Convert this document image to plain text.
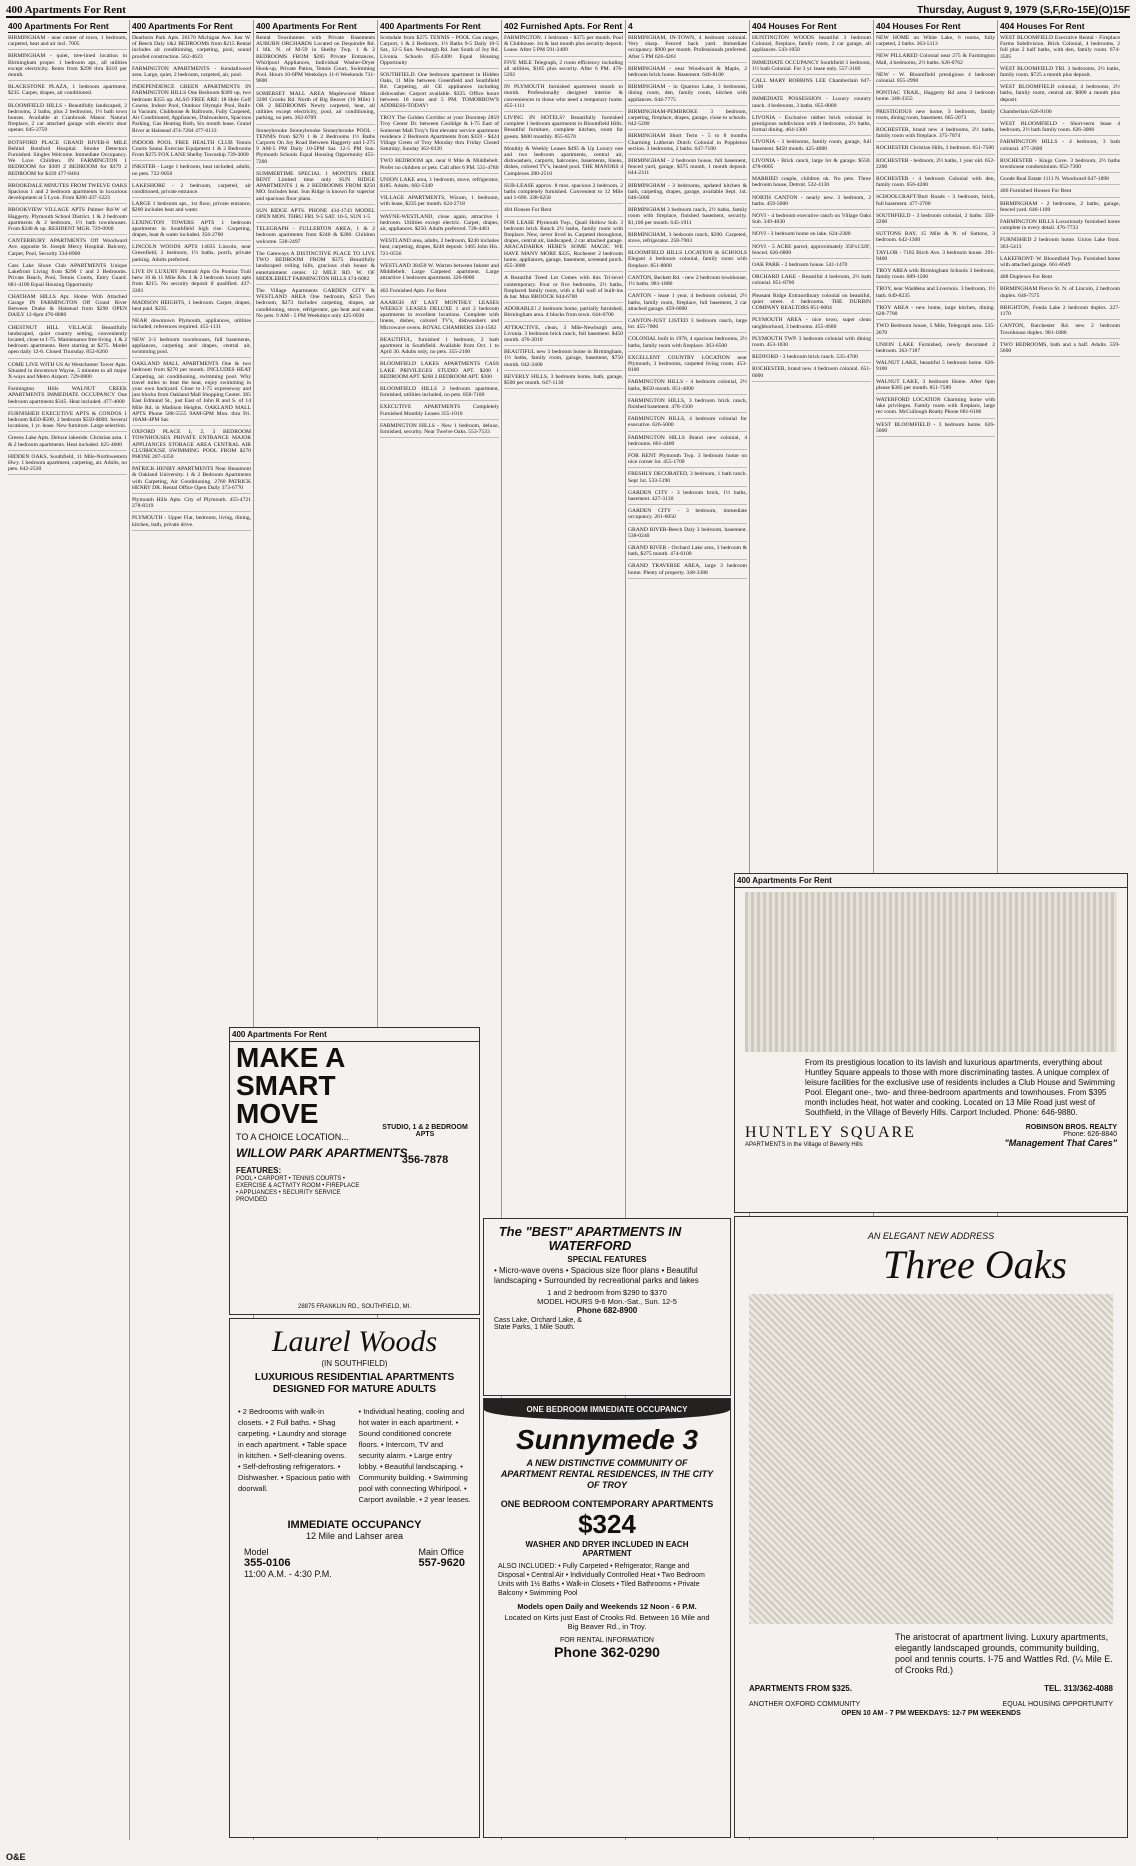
400 Apartments For Rent	Thursday, August 9, 1979 (S,F,Ro-15E)(O)15F
400 Apartments For Rent
BIRMINGHAM - near center of town, 1 bedroom, carpeted, heat and air incl. 7005
BIRMINGHAM - quiet, tree-lined location in Birmingham proper. 1 bedroom apt., all utilities except electricity. Rents from $290 thru $310 per month.
BLACKSTONE PLAZA, 1 bedroom apartment, $235. Carpet, drapes, air conditioned.
BLOOMFIELD HILLS - Beautifully landscaped, 2 bedrooms, 2 baths, plus 2 bedrooms, 1½ bath town houses. Available at Cranbrook Manor. Natural fireplace, 2 car attached garage with electric door opener. 645-2759
BOTSFORD PLACE GRAND RIVER-8 MILE Behind Botsford Hospital. Smoke Detectors Furnished. Singles Welcome. Immediate Occupancy. We Love Children. IN FARMINGTON 1 BEDROOM for $309 2 BEDROOM for $379 2 BEDROOM for $439 477-8464
BROOKDALE MINUTES FROM TWELVE OAKS Spacious 1 and 2 bedroom apartments in luxurious development at 5 Lyon. From $260 437-1223
BROOKVIEW VILLAGE APTS Palmer Rd-W of Haggerty. Plymouth School District. 1 & 2 bedroom apartments & 2 bedroom, 1½ bath townhouses. From $248 & up. RESIDENT MGR. 729-0900
CANTERBURY APARTMENTS Off Woodward Ave. opposite St. Joseph Mercy Hospital. Balcony, Carpet, Pool, Security 334-8900
Cass Lake Shore Club APARTMENTS Unique Lakefront Living from $290 1 and 2 Bedrooms. Private Beach, Pool, Tennis Courts, Entry Guard. 681-4100 Equal Housing Opportunity
CHATHAM HILLS Apt. Home With Attached Garage IN FARMINGTON Off Grand River Between Drake & Halstead from $290 OPEN DAILY 12-6pm 476-8080
CHESTNUT HILL VILLAGE Beautifully landscaped, quiet country setting, conveniently located, close to I-75. Maintenance free living. 1 & 2 bedroom apartments. Rent starting at $275. Model open daily 12-6. Closed Thursday. 852-6260
COME LIVE WITH US At Westchester Tower Apts. Situated in downtown Wayne, 5 minutes to all major X-ways and Metro Airport. 729-0800
Farmington Hills WALNUT CREEK APARTMENTS IMMEDIATE OCCUPANCY One bedroom apartments $345. Heat included. 477-4000
FURNISHED EXECUTIVE APTS & CONDOS 1 bedroom $450-$500, 2 bedroom $550-$600. Several locations, 1 yr. lease. New furniture. Large selection.
Greens Lake Apts. Deluxe lakeside. Christian area. 1 & 2 bedroom apartments. Heat included. 625-4600
HIDDEN OAKS, Southfield, 11 Mile-Northwestern Hwy. 1 bedroom apartment, carpeting, air. Adults, no pets. 642-2530
400 Apartments For Rent
Dearborn Park Apts. 26170 Michigan Ave. Just W. of Beech Daly 1&2 BEDROOMS from $215 Rental includes air conditioning, carpeting, pool, sound proofed construction. 562-4623
FARMINGTON APARTMENTS - Kendallwood area. Large, quiet, 2 bedroom, carpeted, air, pool.
INDEPENDENCE GREEN APARTMENTS IN FARMINGTON HILLS One Bedroom $309 up, two bedroom $355 up. ALSO FREE ARE: 18 Hole Golf Course, Indoor Pool, Outdoor Olympic Pool, Built-in Vacuum, Clubhouse & Ballroom, Fully Carpeted, Air Conditioned, Appliances, Dishwashers, Spacious Parking, Gas Heating Both, Six month lease. Grand River at Halstead 474-7284 477-0133
INDOOR POOL FREE HEALTH CLUB Tennis Courts Sauna Exercise Equipment 1 & 2 Bedrooms From $275 FOX LANE Shelby Township 739-3000
INKSTER - Large 1 bedroom, heat included, adults, no pets. 722-9050
LAKESHORE - 2 bedroom, carpeted, air conditioned, private entrance.
LARGE 1 bedroom apt., 1st floor, private entrance, $260 includes heat and water.
LEXINGTON TOWERS APTS 1 bedroom apartments in Southfield high rise. Carpeting, drapes, heat & water included. 356-2700
LINCOLN WOODS APTS 14035 Lincoln, near Greenfield, 2 bedroom, 1½ baths, porch, private parking. Adults preferred.
LIVE IN LUXURY Pontrail Apts On Pontiac Trail betw 10 & 11 Mile Rds. 1 & 2 bedroom luxury apts from $215. No security deposit if qualified. 437-3303
MADISON HEIGHTS, 1 bedroom. Carpet, drapes, heat paid. $235.
NEAR downtown Plymouth, appliances, utilities included, references required. 455-1131
NEW 2-3 bedroom townhouses, full basements, appliances, carpeting and drapes, central air, swimming pool.
OAKLAND MALL APARTMENTS One & two bedroom from $270 per month. INCLUDES HEAT Carpeting, air conditioning, swimming pool. Why travel miles to beat the heat, enjoy swimming in your own backyard. Close to I-75 expressway and just blocks from Oakland Mall Shopping Center. 365 East Edmund St., just East of John R and S. of 14 Mile Rd, in Madison Heights. OAKLAND MALL APTS Phone 588-5555 9AM-5PM Mon. thru Fri. 10AM-4PM Sat.
OXFORD PLACE 1, 2, 3 BEDROOM TOWNHOUSES PRIVATE ENTRANCE MAJOR APPLIANCES STORAGE AREA CENTRAL AIR CLUBHOUSE SWIMMING POOL FROM $270 PHONE 287-4350
PATRICK HENRY APARTMENTS Near Beaumont & Oakland University. 1 & 2 Bedroom Apartments with Carpeting, Air Conditioning. 2760 PATRICK HENRY DR. Rental Office Open Daily 373-6770
Plymouth Hills Apts. City of Plymouth. 455-4721 278-8319
PLYMOUTH - Upper Flat, bedroom, living, dining, kitchen, bath, private drive.
400 Apartments For Rent
Rental Townhomes with Private Basements AUBURN ORCHARDS Located on Dequindre Rd. 1 blk. N. of M-59 in Shelby Twp. 1 & 2 BEDROOMS FROM $285 Private Entrances, Whirlpool Appliances, Individual Washer-Dryer Hook-up, Private Patios, Tennis Court, Swimming Pool. Hours 10-6PM Weekdays 11-6 Weekends 731-9600
SOMERSET MALL AREA Maplewood Manor 3200 Crooks Rd. North of Big Beaver (16 Mile) 1 OR 2 BEDROOMS Newly carpeted, heat, all utilities except electricity, pool, air conditioning, parking, no pets. 362-0709
Stoneybrooke Stoneybrooke Stoneybrooke POOL - TENNIS from $270 1 & 2 Bedrooms 1½ Baths Carports On Joy Road Between Haggerty and I-275 9 AM-5 PM Daily 10-5PM Sat. 12-5 PM Sun. Plymouth Schools Equal Housing Opportunity 455-7200
SUMMERTIME SPECIAL 1 MONTH'S FREE RENT Limited time only SUN RIDGE APARTMENTS 1 & 2 BEDROOMS FROM $250 MO. Includes heat. Sun Ridge is known for superior and spacious floor plans.
SUN RIDGE APTS. PHONE 434-1743 MODEL OPEN MON. THRU FRI. 9-5 SAT. 10-5, SUN 1-5
TELEGRAPH - FULLERTON AREA, 1 & 2 bedroom apartments from $240 & $280. Children welcome. 538-2497
The Gateways A DISTINCTIVE PLACE TO LIVE TWO BEDROOM FROM $375 Beautifully landscaped rolling hills, gracious club house & entertainment center. 12 MILE RD. W. OF MIDDLEBELT FARMINGTON HILLS 474-6082
The Village Apartments GARDEN CITY & WESTLAND AREA One bedroom, $253 Two bedroom, $273 Includes carpeting, drapes, air conditioning, stove, refrigerator, gas heat and water. No pets. 9 AM - 5 PM Weekdays only 425-0930
400 Apartments For Rent
Scotsdale from $275 TENNIS - POOL Gas ranges, Carport, 1 & 2 Bedroom, 1½ Baths 9-5 Daily 10-5 Sat., 12-5 Sun. Newburgh Rd. Just South of Joy Rd. Livonia Schools 455-4300 Equal Housing Opportunity
SOUTHFIELD. One bedroom apartment in Hidden Oaks, 11 Mile between Greenfield and Southfield Rd. Carpeting, all GE appliances including dishwasher. Carport available. $325. Office hours between 10 noon and 5 PM. TOMORROW'S ADDRESS-TODAY!
TROY The Golden Corridor at your Doorstep 2859 Troy Center Dr. between Coolidge & I-75 East of Somerset Mall Troy's first elevator service apartment residence 2 Bedroom Apartments from $359 - $424 Village Green of Troy Monday thru Friday Closed Saturday, Sunday 362-0320
TWO BEDROOM apt. near 8 Mile & Middlebelt. Prefer no children or pets. Call after 6 PM. 531-4780
UNION LAKE area, 1 bedroom, stove, refrigerator, $185. Adults. 682-5349
VILLAGE APARTMENTS, Wixom, 1 bedroom, with lease, $235 per month. 624-2718
WAYNE-WESTLAND, close again, attractive 1 bedroom. Utilities except electric. Carpet, drapes, air, appliances. $250. Adults preferred. 728-4461
WESTLAND area, adults, 2 bedroom, $240 includes heat, carpeting, drapes, $240 deposit. 1465 John Hix. 721-0556
WESTLAND 38450 W. Warren between Inkster and Middlebelt. Large Carpeted apartment. Large attractive 1 bedroom apartment. 326-8000
402 Furnished Apts. For Rent
AAARGH AT LAST MONTHLY LEASES WEEKLY LEASES DELUXE 1 and 2 bedroom apartments in excellent locations. Complete with linens, dishes, colored TV's, dishwashers and Microwave ovens. ROYAL CHAMBERS 334-1502
BEAUTIFUL, furnished 1 bedroom, 2 bath apartment in Southfield. Available from Oct. 1 to April 30. Adults only, no pets. 355-2100
BLOOMFIELD LAKES APARTMENTS CASS LAKE PRIVILEGES STUDIO APT. $200 1 BEDROOM APT. $260 2 BEDROOM APT. $300
BLOOMFIELD HILLS 2 bedroom apartment, furnished, utilities included, no pets. 858-7100
EXECUTIVE APARTMENTS Completely Furnished Monthly Leases 355-1010
FARMINGTON HILLS - New 1 bedroom, deluxe, furnished, security. Near Twelve Oaks. 553-7533
402 Furnished Apts. For Rent
FARMINGTON. 1 bedroom - $375 per month. Pool & Clubhouse. 1st & last month plus security deposit. Lease. After 5 PM 591-2489
FIVE MILE Telegraph, 2 room efficiency including all utilities, $185 plus security. After 6 PM. 476-5392
IN PLYMOUTH furnished apartment month to month. Professionally designed interior & conveniences to those who need a temporary home. 455-1111
LIVING IN HOTELS? Beautifully furnished complete 1 bedroom apartments in Bloomfield Hills. Beautiful furniture, complete kitchen, room for guests. $600 monthly. 855-6570
Monthly & Weekly Leases $495 & Up Luxury one and two bedroom apartments, central air, dishwashers, carports, balconies, basements, linens, dishes, colored TV's, heated pool. THE MANORS 4 Complexes 280-2510
SUB-LEASE approx. 8 mos. spacious 2 bedroom, 2 baths completely furnished. Convenient to 12 Mile and 1-696. 338-0258
404 Houses For Rent
FOR LEASE Plymouth Twp., Quail Hollow Sub. 3 bedroom brick Ranch 2½ baths, family room with fireplace. New, never lived in. Carpeted throughout, drapes, central air, landscaped, 2 car attached garage. ABACADABRA HERE'S SOME MAGIC WE HAVE MANY MORE $325, Rochester 2 bedroom home, appliances, garage, basement, screened porch. 455-3000
A Beautiful Treed Lot Comes with this Tri-level contemporary. Four or five bedrooms, 2½ baths, fireplaced family room, with a full wall of built-ins & bar. Max BROOCK 644-6700
ADORABLE! 2 bedroom home, partially furnished, Birmingham area. 4 blocks from town. 644-6700
ATTRACTIVE, clean, 3 Mile-Newburgh area, Livonia. 3 bedroom brick ranch, full basement. $450 month. 476-2010
BEAUTIFUL new 3 bedroom home in Birmingham, 1½ baths, family room, garage, basement, $750 month. 642-2400
BEVERLY HILLS, 3 bedroom home, bath, garage, $500 per month. 647-1130
4
BIRMINGHAM, IN-TOWN, 4 bedroom colonial. Very sharp. Fenced back yard. Immediate occupancy. $900 per month. Professionals preferred. After 5 PM 626-4261
BIRMINGHAM - near Woodward & Maple, 2 bedroom brick home. Basement. 646-8100
BIRMINGHAM - in Quarton Lake, 3 bedrooms, dining room, den, family room, kitchen with appliances. 644-7775
BIRMINGHAM-PEMBROKE 3 bedroom, carpeting, fireplace, drapes, garage, close to schools. 642-5200
BIRMINGHAM Short Term - 5 to 8 months Charming Lutheran Dutch Colonial in Poppleton section. 3 bedrooms, 2 baths. 647-7100
BIRMINGHAM - 2 bedroom house, full basement, fenced yard, garage, $375 month, 1 month deposit. 644-2311
BIRMINGHAM - 3 bedrooms, updated kitchen & bath, carpeting, drapes, garage, available Sept. 1st. 646-5000
BIRMINGHAM 3 bedroom ranch, 2½ baths, family room with fireplace, finished basement, security. $1,100 per month. 645-1911
BIRMINGHAM, 3 bedroom ranch, $390. Carpeted, stove, refrigerator. 258-7903
BLOOMFIELD HILLS LOCATION & SCHOOLS Elegant 4 bedroom colonial, family room with fireplace. 851-8000
CANTON, Beckett Rd. - new 2 bedroom townhouse, 1½ baths. 981-1880
CANTON - lease 1 year, 4 bedroom colonial, 2½ baths, family room, fireplace, full basement, 2 car attached garage. 459-6000
CANTON-JUST LISTED 3 bedroom ranch, large lot. 455-7000
COLONIAL built in 1978, 4 spacious bedrooms, 2½ baths, family room with fireplace. 363-6500
EXCELLENT COUNTRY LOCATION near Plymouth, 3 bedrooms, carpeted living room. 453-8100
FARMINGTON HILLS - 4 bedroom colonial, 2½ baths, $650 month. 851-4000
FARMINGTON HILLS, 3 bedroom brick ranch, finished basement. 478-1500
FARMINGTON HILLS, 4 bedroom colonial for executive. 626-5000
FARMINGTON HILLS Brand new colonial, 4 bedrooms. 661-4400
FOR RENT Plymouth Twp. 3 bedroom home on nice corner lot. 455-1700
FRESHLY DECORATED, 3 bedroom, 1 bath ranch. Sept 1st. 533-5190
GARDEN CITY - 3 bedroom brick, 1½ baths, basement. 427-3130
GARDEN CITY - 3 bedroom, immediate occupancy. 261-6050
GRAND RIVER-Beech Daly 3 bedroom, basement. 538-0240
GRAND RIVER - Orchard Lake area, 3 bedroom & bath, $275 month. 474-6100
GRAND TRAVERSE AREA, large 3 bedroom home. Plenty of property. 348-3388
404 Houses For Rent
HUNTINGTON WOODS beautiful 3 bedroom Colonial, fireplace, family room, 2 car garage, all appliances. 543-1050
IMMEDIATE OCCUPANCY Southfield 3 bedroom, 1½ bath Colonial. For 3 yr. lease only. 557-3100
CALL MARY ROBBINS LEE Chamberlain 647-5100
IMMEDIATE POSSESSION - Luxury country ranch. 4 bedrooms, 3 baths. 855-0000
LIVONIA - Exclusive rubber brick colonial in prestigious subdivision with 4 bedrooms, 2½ baths, formal dining. 464-1300
LIVONIA - 3 bedrooms, family room, garage, full basement. $450 month. 425-4000
LIVONIA - Brick ranch, large lot & garage. $550. 478-0005
MARRIED couple, children ok. No pets. Three bedroom house, Detroit. 532-4130
NORTH CANTON - nearly new. 3 bedroom, 2 baths. 459-5000
NOVI - 4 bedroom executive ranch on Village Oaks Sub. 349-4030
NOVI - 3 bedroom home on lake. 624-2300
NOVI - 5 ACRE parcel, approximately 350'x1320', fenced. 626-6800
OAK PARK - 2 bedroom house. 541-1470
ORCHARD LAKE - Beautiful 4 bedroom, 2½ bath colonial. 851-8700
Pleasant Ridge Extraordinary colonial on beautiful, quiet street. 4 bedrooms. THE DURBIN COMPANY REALTORS 851-6004
PLYMOUTH AREA - nice town, super clean neighborhood, 3 bedrooms. 455-4600
PLYMOUTH TWP. 3 bedroom colonial with dining room. 453-1030
REDFORD - 3 bedroom brick ranch. 535-4700
ROCHESTER, brand new 4 bedroom colonial. 651-6000
404 Houses For Rent
NEW HOME on White Lake, 6 rooms, fully carpeted, 2 baths. 363-5113
NEW PILLARED Colonial near 275 & Farmington Mall, 4 bedrooms, 2½ baths. 626-0762
NEW - W. Bloomfield prestigious 4 bedroom colonial. 855-2990
PONTIAC TRAIL, Haggerty Rd area 3 bedroom home. 348-3355
PRESTIGIOUS new home, 3 bedroom, family room, dining room, basement. 665-2073
ROCHESTER, brand new 4 bedrooms, 2½ baths, family room with fireplace. 375-7874
ROCHESTER Christian Hills, 3 bedroom. 651-7500
ROCHESTER - bedroom, 2½ baths, 1 year old. 652-2200
ROCHESTER - 4 bedroom Colonial with den, family room. 656-4200
SCHOOLCRAFT/Burt Roads - 3 bedroom, brick, full basement. 477-2700
SOUTHFIELD - 3 bedroom colonial, 2 baths. 350-2200
SUTTONS BAY, 15 Mile & N. of Suttons, 3 bedroom. 642-1300
TAYLOR - 7102 Birch Ave. 3 bedroom house. 291-9400
TROY AREA with Birmingham Schools 3 bedroom, family room. 689-1500
TROY, near Waddens and Livernois. 3 bedroom, 1½ bath. 649-8235
TROY AREA - new home, large kitchen, dining. 628-7700
TWO Bedroom house, 5 Mile, Telegraph area. 535-2670
UNION LAKE Furnished, newly decorated 2 bedroom. 363-7187
WALNUT LAKE, beautiful 5 bedroom home. 626-9100
WALNUT LAKE, 3 bedroom Home. After 6pm please $385 per month. 851-7589
WATERFORD LOCATION Charming home with lake privileges. Family room with fireplace, large rec room. McCullough Realty Phone 681-6106
WEST BLOOMFIELD - 3 bedroom home. 626-5000
404 Houses For Rent
WEST BLOOMFIELD Executive Rental - Fireplace Farms Subdivision. Brick Colonial, 4 bedrooms, 2 full plus 2 half baths, with den, family room. 674-3505
WEST BLOOMFIELD TRI. 3 bedrooms, 2½ baths, family room. $725 a month plus deposit.
WEST BLOOMFIELD colonial, 4 bedrooms, 2½ baths, family room, central air. $800 a month plus deposit.
Chamberlain 626-9100
WEST BLOOMFIELD - Short-term lease 4 bedroom, 2½ bath family room. 626-3000
FARMINGTON HILLS - 4 bedroom, 3 bath colonial. 477-2600
ROCHESTER - Kings Cove. 3 bedroom, 2½ baths townhouse condominium. 652-7300
Goode Real Estate 1111 N. Woodward 647-1898
406 Furnished Houses For Rent
BIRMINGHAM - 2 bedrooms, 2 baths, garage, fenced yard. 646-1100
FARMINGTON HILLS Luxuriously furnished home complete in every detail. 476-7733
FURNISHED 2 bedroom home. Union Lake front. 363-5413
LAKEFRONT- W. Bloomfield Twp. Furnished home with attached garage. 661-6649
408 Duplexes For Rent
BIRMINGHAM Pierce St. N. of Lincoln, 2 bedroom duplex. 646-7575
BRIGHTON, Fonda Lake 2 bedroom duplex. 227-1170
CANTON, Barchester Rd. new 2 bedroom Townhouse duplex. 981-1880
TWO BEDROOMS, bath and a half. Adults. 559-5600
400 Apartments For Rent
MAKE A SMART MOVE
TO A CHOICE LOCATION...
WILLOW PARK APARTMENTS
STUDIO, 1 & 2 BEDROOM APTS
356-7878
FEATURES:
POOL • CARPORT • TENNIS COURTS • EXERCISE & ACTIVITY ROOM • FIREPLACE • APPLIANCES • SECURITY SERVICE PROVIDED
28875 FRANKLIN RD., SOUTHFIELD, MI.
Laurel Woods
(IN SOUTHFIELD)
LUXURIOUS RESIDENTIAL APARTMENTS DESIGNED FOR MATURE ADULTS
• 2 Bedrooms with walk-in closets. • 2 Full baths. • Shag carpeting. • Laundry and storage in each apartment. • Table space in kitchen. • Self-cleaning ovens. • Self-defrosting refrigerators. • Dishwasher. • Spacious patio with doorwall.
• Individual heating, cooling and hot water in each apartment. • Sound conditioned concrete floors. • Intercom, TV and security alarm. • Large entry lobby. • Beautiful landscaping. • Community building. • Swimming pool with connecting Whirlpool. • Carport available. • 2 year leases.
IMMEDIATE OCCUPANCY
12 Mile and Lahser area
Model
355-0106
11:00 A.M. - 4:30 P.M.
Main Office
557-9620
The "BEST" APARTMENTS IN WATERFORD
SPECIAL FEATURES
• Micro-wave ovens • Spacious size floor plans • Beautiful landscaping • Surrounded by recreational parks and lakes
1 and 2 bedroom from $290 to $370
MODEL HOURS 9-6 Mon.-Sat., Sun. 12-5
Phone 682-8900
Cass Lake, Orchard Lake, & State Parks, 1 Mile South.
ONE BEDROOM IMMEDIATE OCCUPANCY
Sunnymede 3
A NEW DISTINCTIVE COMMUNITY OF APARTMENT RENTAL RESIDENCES, IN THE CITY OF TROY
ONE BEDROOM CONTEMPORARY APARTMENTS
$324
WASHER AND DRYER INCLUDED IN EACH APARTMENT
ALSO INCLUDED: • Fully Carpeted • Refrigerator, Range and Disposal • Central Air • Individually Controlled Heat • Two Bedroom Units with 1½ Baths • Walk-in Closets • Tiled Bathrooms • Private Balcony • Swimming Pool
Models open Daily and Weekends 12 Noon - 6 P.M.
Located on Kirts just East of Crooks Rd. Between 16 Mile and Big Beaver Rd., in Troy.
FOR RENTAL INFORMATION
Phone 362-0290
400 Apartments For Rent
From its prestigious location to its lavish and luxurious apartments, everything about Huntley Square appeals to those with more discriminating tastes. A unique complex of leisure facilities for the exclusive use of residents includes a Club House and Swimming Pool. Elegant one-, two- and three-bedroom apartments and townhouses. From $395 month includes heat, hot water and cooking. Located on 13 Mile Road just west of Southfield, in the Village of Beverly Hills. Carport Included. Phone: 646-9880.
HUNTLEY SQUARE
APARTMENTS in the Village of Beverly Hills
ROBINSON BROS. REALTY
Phone: 626-8840
"Management That Cares"
AN ELEGANT NEW ADDRESS
Three Oaks
The aristocrat of apartment living. Luxury apartments, elegantly landscaped grounds, community building, pool and tennis courts. I-75 and Wattles Rd. (¼ Mile E. of Crooks Rd.)
APARTMENTS FROM $325.	TEL. 313/362-4088
ANOTHER OXFORD COMMUNITY	EQUAL HOUSING OPPORTUNITY
OPEN 10 AM - 7 PM WEEKDAYS: 12-7 PM WEEKENDS
O&E
